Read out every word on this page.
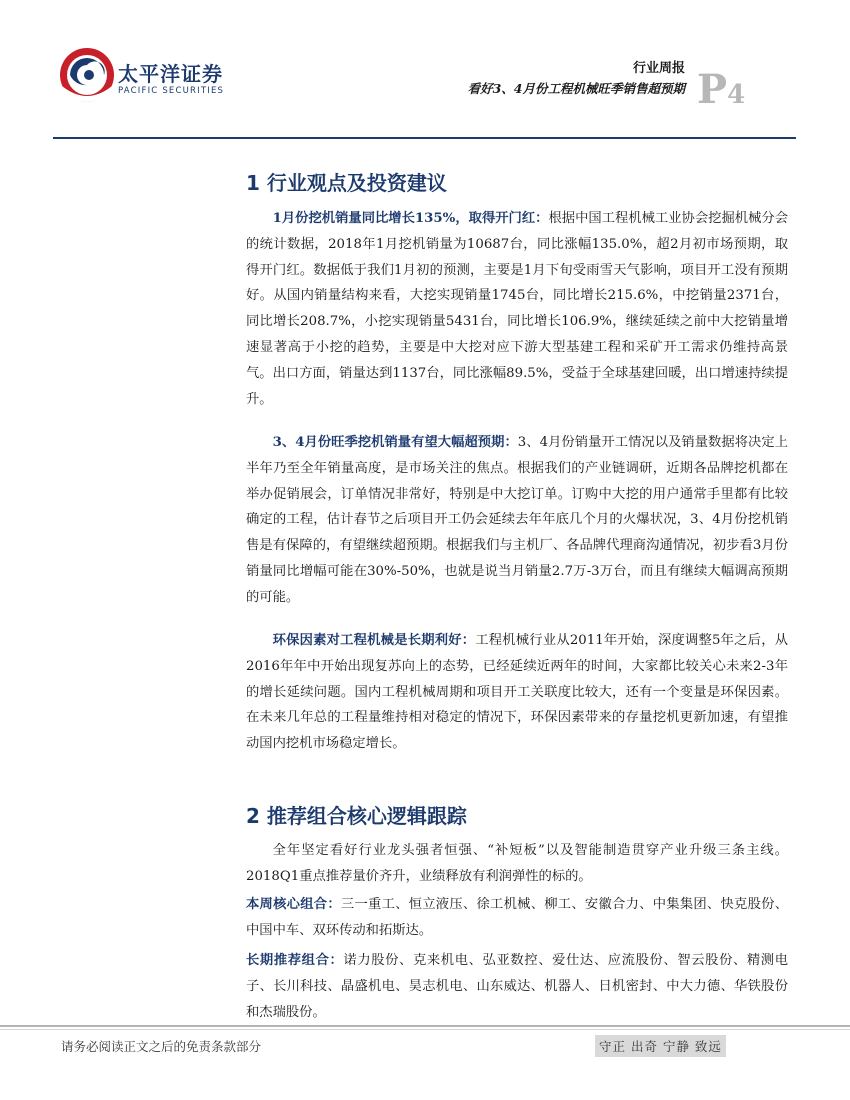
太平洋证券
PACIFIC SECURITIES
行业周报
看好3、4月份工程机械旺季销售超预期 P4
1 行业观点及投资建议

1月份挖机销量同比增长135%，取得开门红：根据中国工程机械工业协会挖掘机械分会的统计数据，2018年1月挖机销量为10687台，同比涨幅135.0%，超2月初市场预期，取得开门红。数据低于我们1月初的预测，主要是1月下旬受雨雪天气影响，项目开工没有预期好。从国内销量结构来看，大挖实现销量1745台，同比增长215.6%，中挖销量2371台，同比增长208.7%，小挖实现销量5431台，同比增长106.9%，继续延续之前中大挖销量增速显著高于小挖的趋势，主要是中大挖对应下游大型基建工程和采矿开工需求仍维持高景气。出口方面，销量达到1137台，同比涨幅89.5%，受益于全球基建回暖，出口增速持续提升。

3、4月份旺季挖机销量有望大幅超预期：3、4月份销量开工情况以及销量数据将决定上半年乃至全年销量高度，是市场关注的焦点。根据我们的产业链调研，近期各品牌挖机都在举办促销展会，订单情况非常好，特别是中大挖订单。订购中大挖的用户通常手里都有比较确定的工程，估计春节之后项目开工仍会延续去年年底几个月的火爆状况，3、4月份挖机销售是有保障的，有望继续超预期。根据我们与主机厂、各品牌代理商沟通情况，初步看3月份销量同比增幅可能在30%-50%，也就是说当月销量2.7万-3万台，而且有继续大幅调高预期的可能。

环保因素对工程机械是长期利好：工程机械行业从2011年开始，深度调整5年之后，从2016年年中开始出现复苏向上的态势，已经延续近两年的时间，大家都比较关心未来2-3年的增长延续问题。国内工程机械周期和项目开工关联度比较大，还有一个变量是环保因素。在未来几年总的工程量维持相对稳定的情况下，环保因素带来的存量挖机更新加速，有望推动国内挖机市场稳定增长。

2 推荐组合核心逻辑跟踪

全年坚定看好行业龙头强者恒强、“补短板”以及智能制造贯穿产业升级三条主线。2018Q1重点推荐量价齐升，业绩释放有利润弹性的标的。

本周核心组合：三一重工、恒立液压、徐工机械、柳工、安徽合力、中集集团、快克股份、中国中车、双环传动和拓斯达。

长期推荐组合：诺力股份、克来机电、弘亚数控、爱仕达、应流股份、智云股份、精测电子、长川科技、晶盛机电、昊志机电、山东威达、机器人、日机密封、中大力德、华铁股份和杰瑞股份。

请务必阅读正文之后的免责条款部分	守正 出奇 宁静 致远
